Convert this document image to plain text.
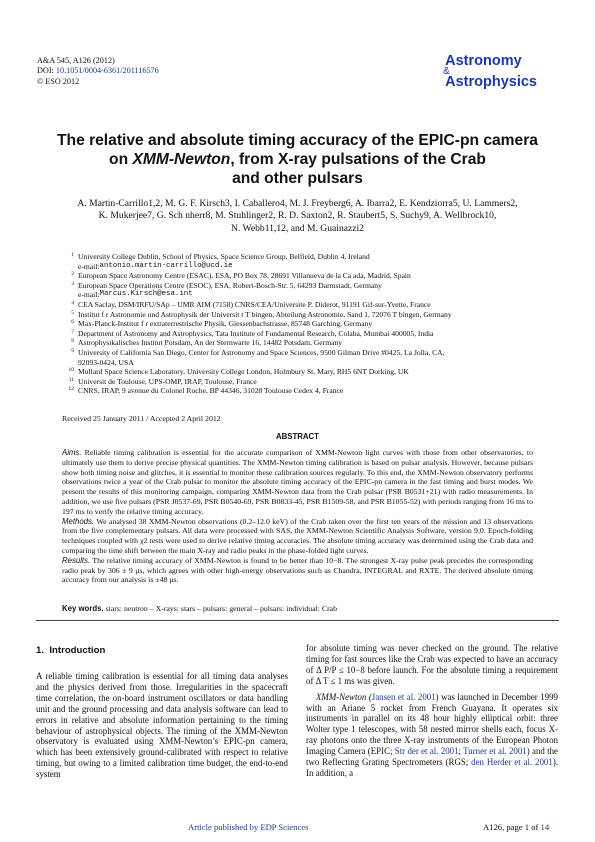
A&A 545, A126 (2012)
DOI: 10.1051/0004-6361/201116576
© ESO 2012
Astronomy
&
Astrophysics
The relative and absolute timing accuracy of the EPIC-pn camera
on XMM-Newton, from X-ray pulsations of the Crab
and other pulsars
A. Martin-Carrillo1,2, M. G. F. Kirsch3, I. Caballero4, M. J. Freyberg6, A. Ibarra2, E. Kendziorra5, U. Lammers2,
K. Mukerjee7, G. Sch nherr8, M. Stuhlinger2, R. D. Saxton2, R. Staubert5, S. Suchy9, A. Wellbrock10,
N. Webb11,12, and M. Guainazzi2
1 University College Dublin, School of Physics, Space Science Group, Belfield, Dublin 4, Ireland
e-mail: antonio.martin-carrillo@ucd.ie
2 European Space Astronomy Centre (ESAC), ESA, PO Box 78, 28691 Villanueva de la Ca ada, Madrid, Spain
3 European Space Operations Centre (ESOC), ESA, Robert-Bosch-Str. 5, 64293 Darmstadt, Germany
e-mail: Marcus.Kirsch@esa.int
4 CEA Saclay, DSM/IRFU/SAp – UMR AIM (7158) CNRS/CEA/Universite P. Diderot, 91191 Gif-sur-Yvette, France
5 Institut f r Astronomie und Astrophysik der Universit t T bingen, Abteilung Astronomie, Sand 1, 72076 T bingen, Germany
6 Max-Planck-Institut f r extraterrestrische Physik, Giessenbachstrasse, 85748 Garching, Germany
7 Department of Astronomy and Astrophysics, Tata Institute of Fundamental Research, Colaba, Mumbai 400005, India
8 Astrophysikalisches Institut Potsdam, An der Sternwarte 16, 14482 Potsdam, Germany
9 University of California San Diego, Center for Astronomy and Space Sciences, 9500 Gilman Drive #0425, La Jolla, CA,
92093-0424, USA
10 Mullard Space Science Laboratory, University College London, Holmbury St. Mary, RH5 6NT Dorking, UK
11 Universit de Toulouse, UPS-OMP, IRAP, Toulouse, France
12 CNRS, IRAP, 9 avenue du Colonel Roche, BP 44346, 31028 Toulouse Cedex 4, France
Received 25 January 2011 / Accepted 2 April 2012
ABSTRACT

Aims. Reliable timing calibration is essential for the accurate comparison of XMM-Newton light curves with those from other observatories, to ultimately use them to derive precise physical quantities. The XMM-Newton timing calibration is based on pulsar analysis. However, because pulsars show both timing noise and glitches, it is essential to monitor these calibration sources regularly. To this end, the XMM-Newton observatory performs observations twice a year of the Crab pulsar to monitor the absolute timing accuracy of the EPIC-pn camera in the fast timing and burst modes. We present the results of this monitoring campaign, comparing XMM-Newton data from the Crab pulsar (PSR B0531+21) with radio measurements. In addition, we use five pulsars (PSR J0537-69, PSR B0540-69, PSR B0833-45, PSR B1509-58, and PSR B1055-52) with periods ranging from 16 ms to 197 ms to verify the relative timing accuracy.

Methods. We analysed 38 XMM-Newton observations (0.2–12.0 keV) of the Crab taken over the first ten years of the mission and 13 observations from the five complementary pulsars. All data were processed with SAS, the XMM-Newton Scientific Analysis Software, version 9.0. Epoch-folding techniques coupled with χ2 tests were used to derive relative timing accuracies. The absolute timing accuracy was determined using the Crab data and comparing the time shift between the main X-ray and radio peaks in the phase-folded light curves.

Results. The relative timing accuracy of XMM-Newton is found to be better than 10−8. The strongest X-ray pulse peak precedes the corresponding radio peak by 306 ± 9 μs, which agrees with other high-energy observations such as Chandra, INTEGRAL and RXTE. The derived absolute timing accuracy from our analysis is ±48 μs.

Key words. stars: neutron – X-rays: stars – pulsars: general – pulsars: individual: Crab
1. Introduction

A reliable timing calibration is essential for all timing data analyses and the physics derived from those. Irregularities in the spacecraft time correlation, the on-board instrument oscillators or data handling unit and the ground processing and data analysis software can lead to errors in relative and absolute information pertaining to the timing behaviour of astrophysical objects. The timing of the XMM-Newton observatory is evaluated using XMM-Newton’s EPIC-pn camera, which has been extensively ground-calibrated with respect to relative timing, but owing to a limited calibration time budget, the end-to-end system

for absolute timing was never checked on the ground. The relative timing for fast sources like the Crab was expected to have an accuracy of Δ P/P ≤ 10−8 before launch. For the absolute timing a requirement of Δ T ≤ 1 ms was given.

XMM-Newton (Jansen et al. 2001) was launched in December 1999 with an Ariane 5 rocket from French Guayana. It operates six instruments in parallel on its 48 hour highly elliptical orbit: three Wolter type 1 telescopes, with 58 nested mirror shells each, focus X-ray photons onto the three X-ray instruments of the European Photon Imaging Camera (EPIC; Str der et al. 2001; Turner et al. 2001) and the two Reflecting Grating Spectrometers (RGS; den Herder et al. 2001). In addition, a

Article published by EDP Sciences	A126, page 1 of 14
